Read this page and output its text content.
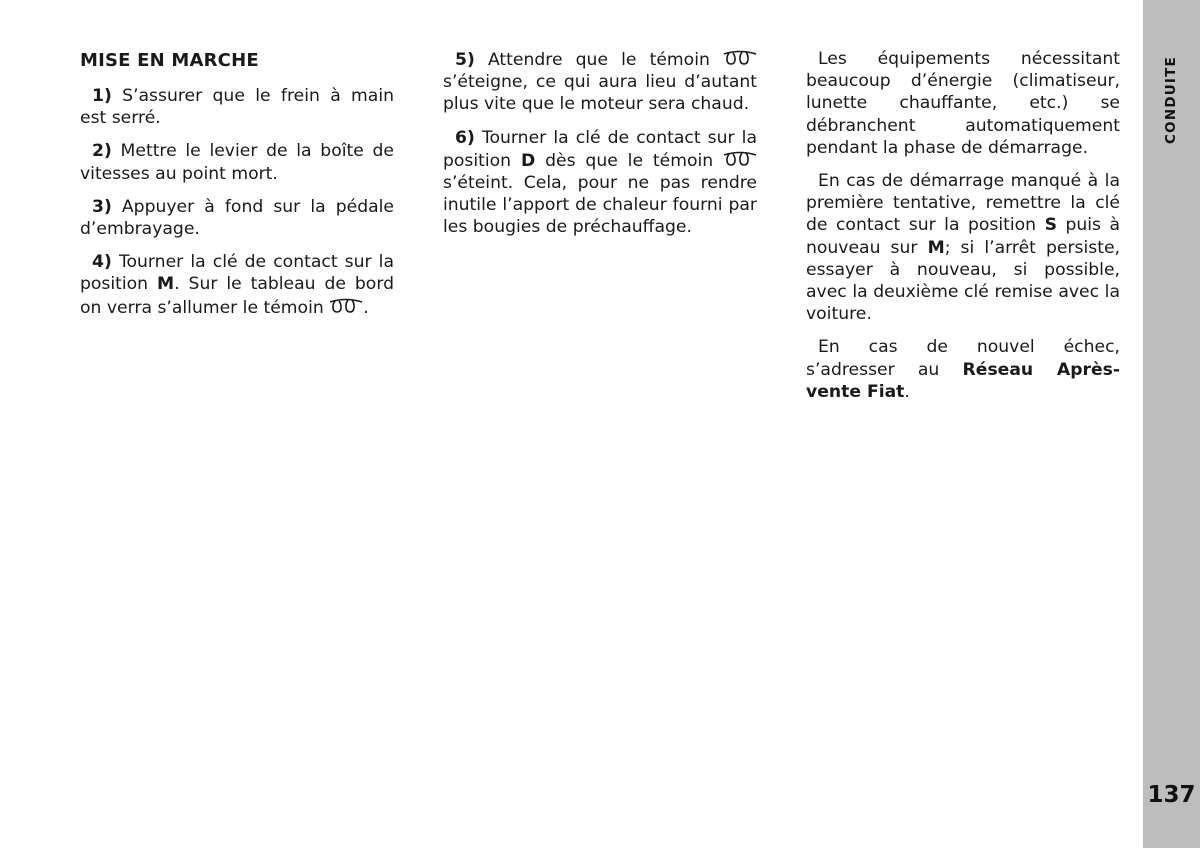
MISE EN MARCHE

1) S’assurer que le frein à main est serré.

2) Mettre le levier de la boîte de vitesses au point mort.

3) Appuyer à fond sur la pédale d’embrayage.

4) Tourner la clé de contact sur la position M. Sur le tableau de bord on verra s’allumer le témoin .

5) Attendre que le témoin  s’éteigne, ce qui aura lieu d’autant plus vite que le moteur sera chaud.

6) Tourner la clé de contact sur la position D dès que le témoin  s’éteint. Cela, pour ne pas rendre inutile l’apport de chaleur fourni par les bougies de préchauffage.

Les équipements nécessitant beaucoup d’énergie (climatiseur, lunette chauffante, etc.) se débranchent automatiquement pendant la phase de démarrage.

En cas de démarrage manqué à la première tentative, remettre la clé de contact sur la position S puis à nouveau sur M; si l’arrêt persiste, essayer à nouveau, si possible, avec la deuxième clé remise avec la voiture.

En cas de nouvel échec, s’adresser au Réseau Après-vente Fiat.

CONDUITE
137
